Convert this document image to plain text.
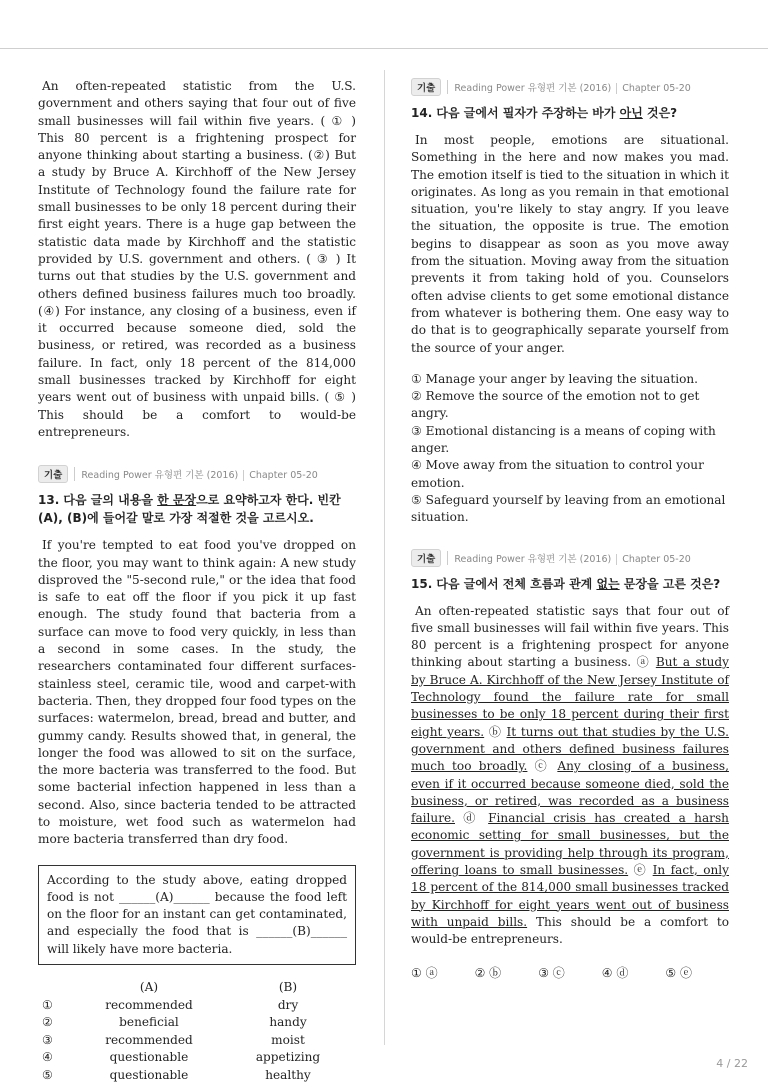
An often-repeated statistic from the U.S. government and others saying that four out of five small businesses will fail within five years. ( ① ) This 80 percent is a frightening prospect for anyone thinking about starting a business. (②) But a study by Bruce A. Kirchhoff of the New Jersey Institute of Technology found the failure rate for small businesses to be only 18 percent during their first eight years. There is a huge gap between the statistic data made by Kirchhoff and the statistic provided by U.S. government and others. ( ③ ) It turns out that studies by the U.S. government and others defined business failures much too broadly. (④) For instance, any closing of a business, even if it occurred because someone died, sold the business, or retired, was recorded as a business failure. In fact, only 18 percent of the 814,000 small businesses tracked by Kirchhoff for eight years went out of business with unpaid bills. ( ⑤ ) This should be a comfort to would-be entrepreneurs.

기출	Reading Power 유형편 기본 (2016) Chapter 05-20
13. 다음 글의 내용을 한 문장으로 요약하고자 한다. 빈칸 (A), (B)에 들어갈 말로 가장 적절한 것을 고르시오.

If you're tempted to eat food you've dropped on the floor, you may want to think again: A new study disproved the "5-second rule," or the idea that food is safe to eat off the floor if you pick it up fast enough. The study found that bacteria from a surface can move to food very quickly, in less than a second in some cases. In the study, the researchers contaminated four different surfaces- stainless steel, ceramic tile, wood and carpet-with bacteria. Then, they dropped four food types on the surfaces: watermelon, bread, bread and butter, and gummy candy. Results showed that, in general, the longer the food was allowed to sit on the surface, the more bacteria was transferred to the food. But some bacterial infection happened in less than a second. Also, since bacteria tended to be attracted to moisture, wet food such as watermelon had more bacteria transferred than dry food.

According to the study above, eating dropped food is not ______(A)______ because the food left on the floor for an instant can get contaminated, and especially the food that is ______(B)______ will likely have more bacteria.
	(A)	(B)
①	recommended	dry
②	beneficial	handy
③	recommended	moist
④	questionable	appetizing
⑤	questionable	healthy
기출	Reading Power 유형편 기본 (2016) Chapter 05-20
14. 다음 글에서 필자가 주장하는 바가 아닌 것은?

In most people, emotions are situational. Something in the here and now makes you mad. The emotion itself is tied to the situation in which it originates. As long as you remain in that emotional situation, you're likely to stay angry. If you leave the situation, the opposite is true. The emotion begins to disappear as soon as you move away from the situation. Moving away from the situation prevents it from taking hold of you. Counselors often advise clients to get some emotional distance from whatever is bothering them. One easy way to do that is to geographically separate yourself from the source of your anger.

① Manage your anger by leaving the situation.
② Remove the source of the emotion not to get angry.
③ Emotional distancing is a means of coping with anger.
④ Move away from the situation to control your emotion.
⑤ Safeguard yourself by leaving from an emotional situation.
기출	Reading Power 유형편 기본 (2016) Chapter 05-20
15. 다음 글에서 전체 흐름과 관계 없는 문장을 고른 것은?

An often-repeated statistic says that four out of five small businesses will fail within five years. This 80 percent is a frightening prospect for anyone thinking about starting a business. ⓐ But a study by Bruce A. Kirchhoff of the New Jersey Institute of Technology found the failure rate for small businesses to be only 18 percent during their first eight years. ⓑ It turns out that studies by the U.S. government and others defined business failures much too broadly. ⓒ Any closing of a business, even if it occurred because someone died, sold the business, or retired, was recorded as a business failure. ⓓ Financial crisis has created a harsh economic setting for small businesses, but the government is providing help through its program, offering loans to small businesses. ⓔ In fact, only 18 percent of the 814,000 small businesses tracked by Kirchhoff for eight years went out of business with unpaid bills. This should be a comfort to would-be entrepreneurs.

① ⓐ	② ⓑ	③ ⓒ	④ ⓓ	⑤ ⓔ
4 / 22
